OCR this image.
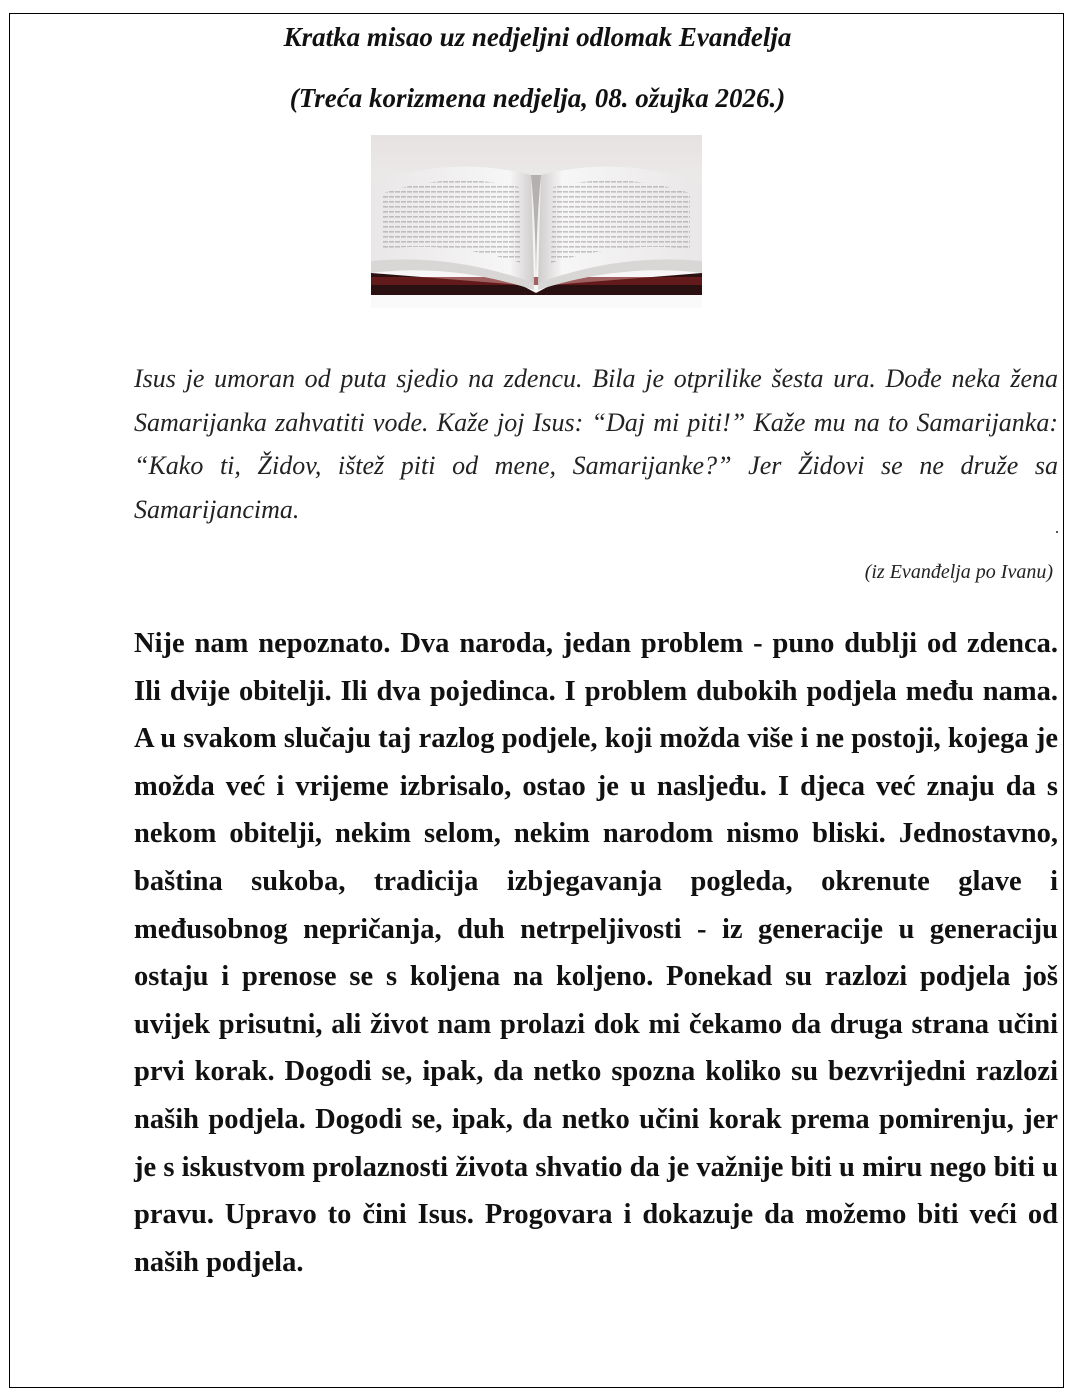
Kratka misao uz nedjeljni odlomak Evanđelja
(Treća korizmena nedjelja, 08. ožujka 2026.)

Isus je umoran od puta sjedio na zdencu. Bila je otprilike šesta ura. Dođe neka žena Samarijanka zahvatiti vode. Kaže joj Isus: “Daj mi piti!” Kaže mu na to Samarijanka: “Kako ti, Židov, ištež piti od mene, Samarijanke?” Jer Židovi se ne druže sa Samarijancima.

(iz Evanđelja po Ivanu)

Nije nam nepoznato. Dva naroda, jedan problem - puno dublji od zdenca. Ili dvije obitelji. Ili dva pojedinca. I problem dubokih podjela među nama. A u svakom slučaju taj razlog podjele, koji možda više i ne postoji, kojega je možda već i vrijeme izbrisalo, ostao je u nasljeđu. I djeca već znaju da s nekom obitelji, nekim selom, nekim narodom nismo bliski. Jednostavno, baština sukoba, tradicija izbjegavanja pogleda, okrenute glave i međusobnog nepričanja, duh netrpeljivosti - iz generacije u generaciju ostaju i prenose se s koljena na koljeno. Ponekad su razlozi podjela još uvijek prisutni, ali život nam prolazi dok mi čekamo da druga strana učini prvi korak. Dogodi se, ipak, da netko spozna koliko su bezvrijedni razlozi naših podjela. Dogodi se, ipak, da netko učini korak prema pomirenju, jer je s iskustvom prolaznosti života shvatio da je važnije biti u miru nego biti u pravu. Upravo to čini Isus. Progovara i dokazuje da možemo biti veći od naših podjela.
